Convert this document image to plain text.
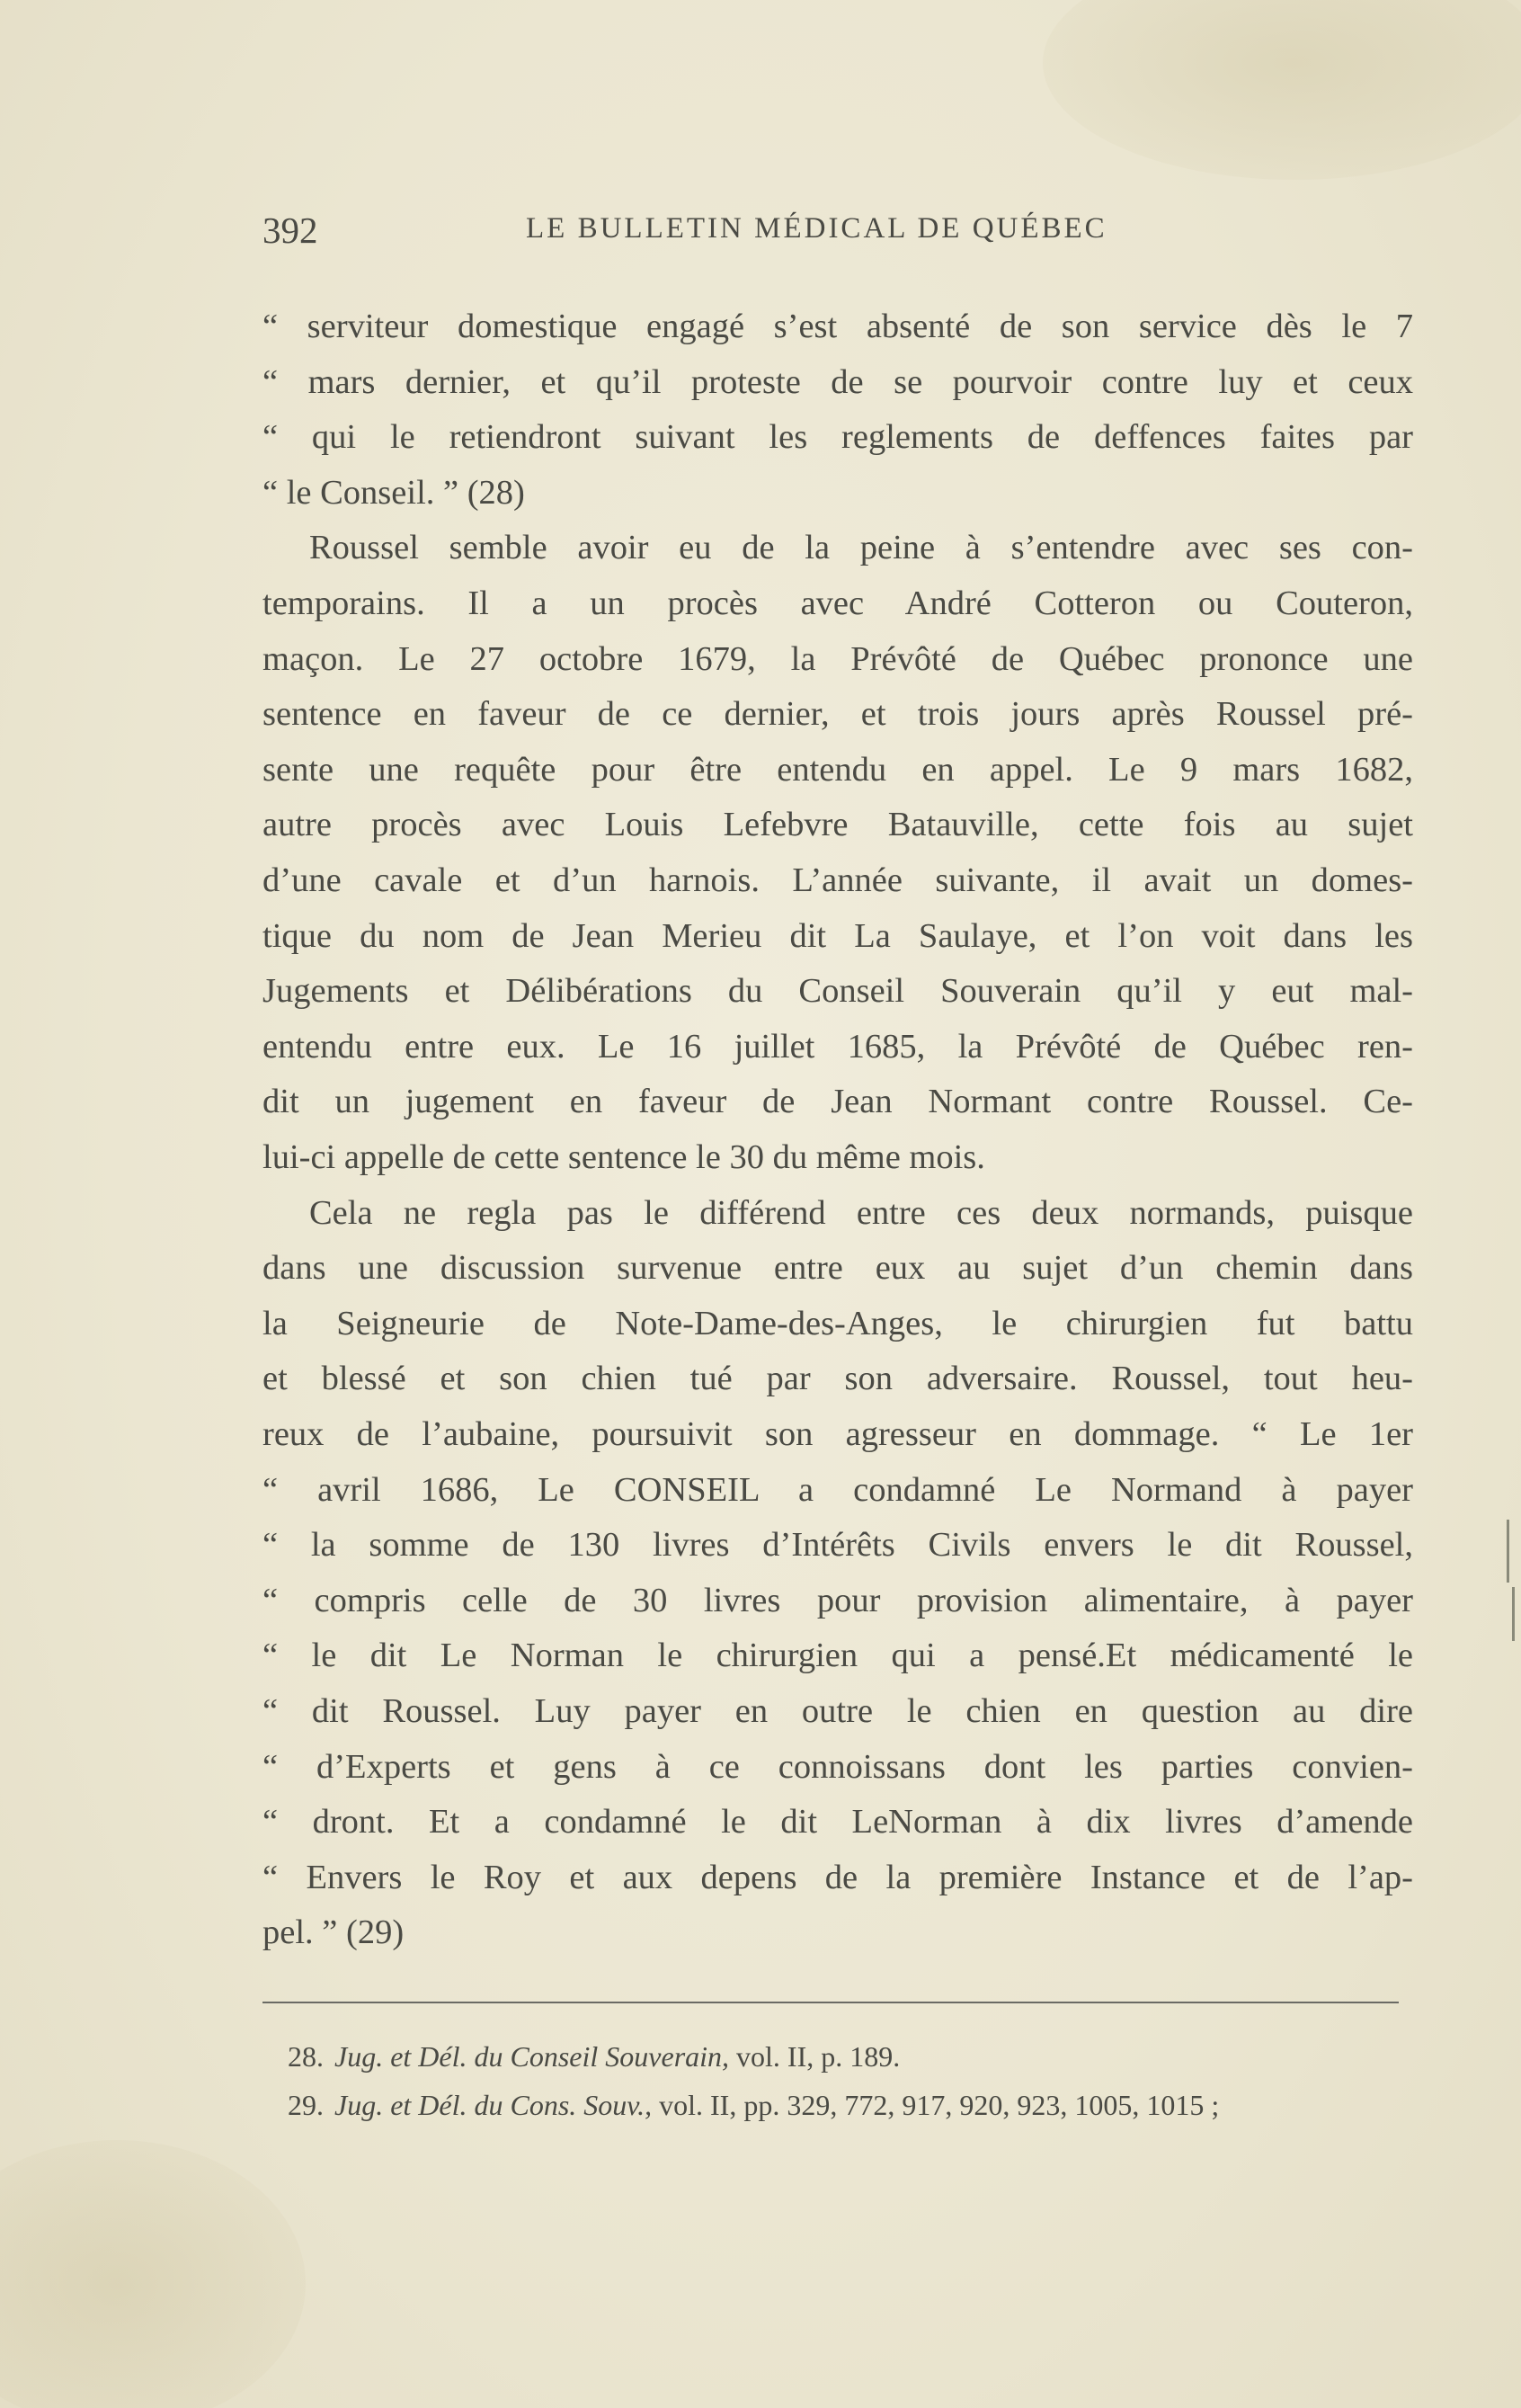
392	LE BULLETIN MÉDICAL DE QUÉBEC
“ serviteur domestique engagé s’est absenté de son service dès le 7
“ mars dernier, et qu’il proteste de se pourvoir contre luy et ceux
“ qui le retiendront suivant les reglements de deffences faites par
“ le Conseil. ” (28)
Roussel semble avoir eu de la peine à s’entendre avec ses con-
temporains. Il a un procès avec André Cotteron ou Couteron,
maçon. Le 27 octobre 1679, la Prévôté de Québec prononce une
sentence en faveur de ce dernier, et trois jours après Roussel pré-
sente une requête pour être entendu en appel. Le 9 mars 1682,
autre procès avec Louis Lefebvre Batauville, cette fois au sujet
d’une cavale et d’un harnois. L’année suivante, il avait un domes-
tique du nom de Jean Merieu dit La Saulaye, et l’on voit dans les
Jugements et Délibérations du Conseil Souverain qu’il y eut mal-
entendu entre eux. Le 16 juillet 1685, la Prévôté de Québec ren-
dit un jugement en faveur de Jean Normant contre Roussel. Ce-
lui-ci appelle de cette sentence le 30 du même mois.
Cela ne regla pas le différend entre ces deux normands, puisque
dans une discussion survenue entre eux au sujet d’un chemin dans
la Seigneurie de Note-Dame-des-Anges, le chirurgien fut battu
et blessé et son chien tué par son adversaire. Roussel, tout heu-
reux de l’aubaine, poursuivit son agresseur en dommage. “ Le 1er
“ avril 1686, Le CONSEIL a condamné Le Normand à payer
“ la somme de 130 livres d’Intérêts Civils envers le dit Roussel,
“ compris celle de 30 livres pour provision alimentaire, à payer
“ le dit Le Norman le chirurgien qui a pensé.Et médicamenté le
“ dit Roussel. Luy payer en outre le chien en question au dire
“ d’Experts et gens à ce connoissans dont les parties convien-
“ dront. Et a condamné le dit LeNorman à dix livres d’amende
“ Envers le Roy et aux depens de la première Instance et de l’ap-
pel. ” (29)
28. Jug. et Dél. du Conseil Souverain, vol. II, p. 189.
29. Jug. et Dél. du Cons. Souv., vol. II, pp. 329, 772, 917, 920, 923, 1005, 1015 ;
